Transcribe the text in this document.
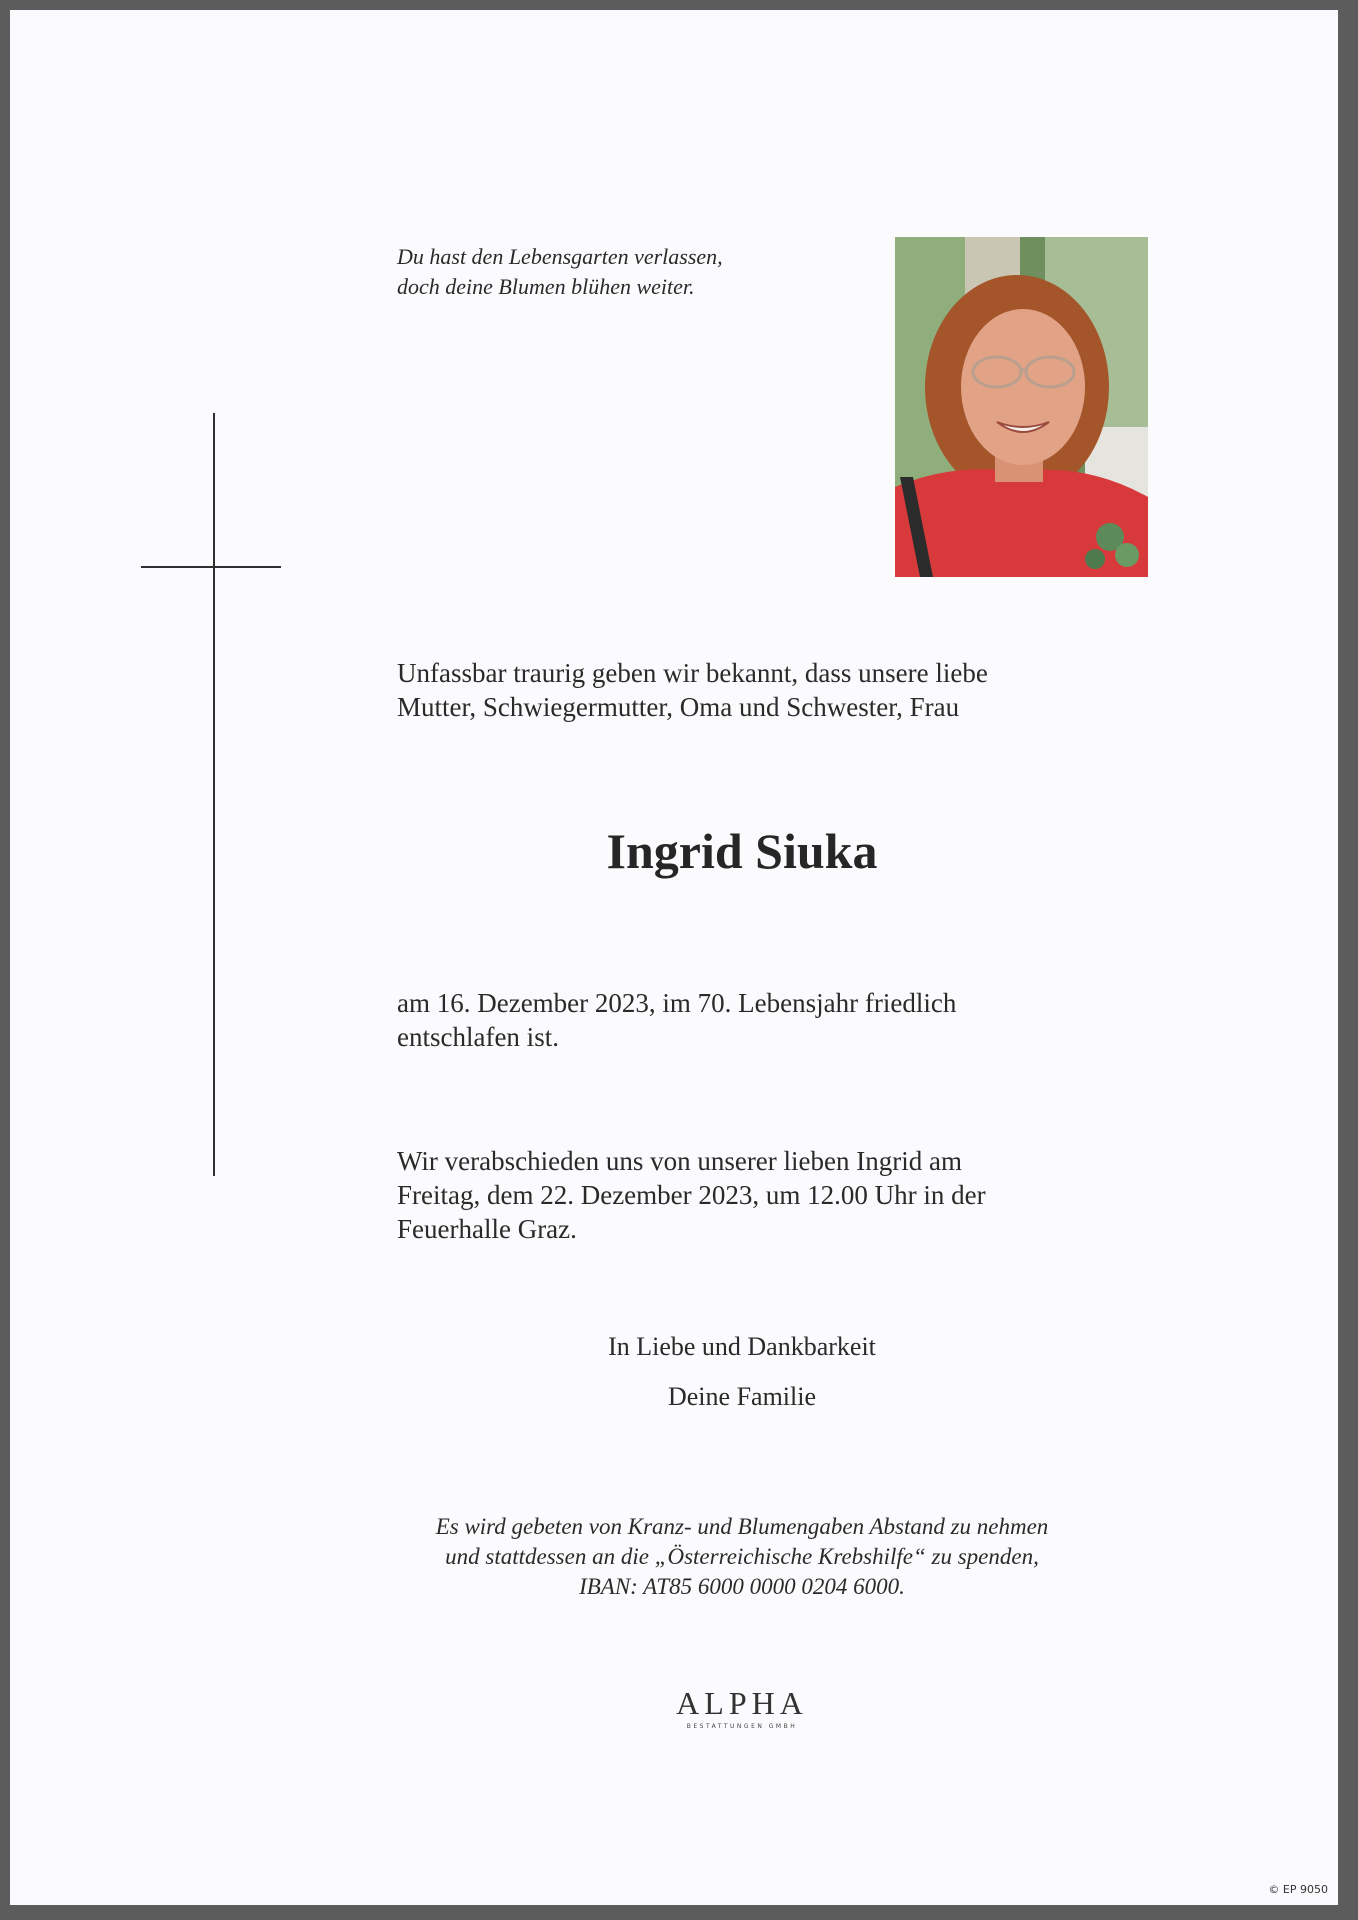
Du hast den Lebensgarten verlassen,
doch deine Blumen blühen weiter.
Unfassbar traurig geben wir bekannt, dass unsere liebe

Mutter, Schwiegermutter, Oma und Schwester, Frau
Ingrid Siuka
am 16. Dezember 2023, im 70. Lebensjahr friedlich

entschlafen ist.
Wir verabschieden uns von unserer lieben Ingrid am
Freitag, dem 22. Dezember 2023, um 12.00 Uhr in der

Feuerhalle Graz.
In Liebe und Dankbarkeit
Deine Familie
Es wird gebeten von Kranz- und Blumengaben Abstand zu nehmen
und stattdessen an die „Österreichische Krebshilfe“ zu spenden,
IBAN: AT85 6000 0000 0204 6000.
ALPHA
BESTATTUNGEN GMBH
© EP 9050
